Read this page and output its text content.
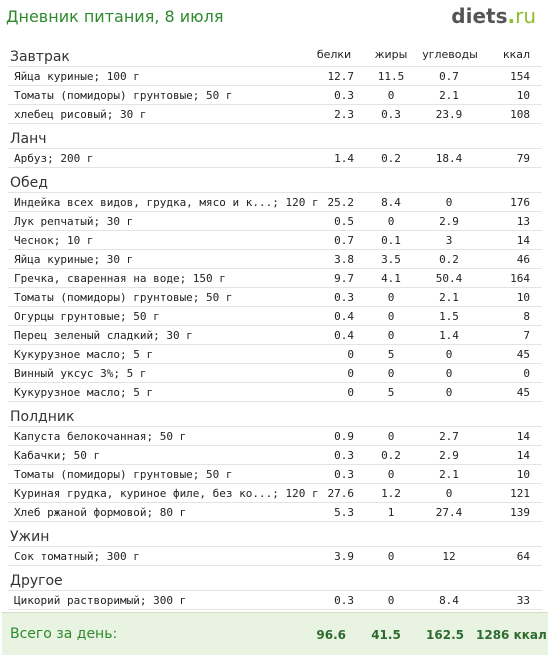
Дневник питания, 8 июля	diets.ru
белки	жиры	углеводы	ккал
Завтрак
Яйца куриные; 100 г	12.7	11.5	0.7	154
Томаты (помидоры) грунтовые; 50 г	0.3	0	2.1	10
хлебец рисовый; 30 г	2.3	0.3	23.9	108
Ланч
Арбуз; 200 г	1.4	0.2	18.4	79
Обед
Индейка всех видов, грудка, мясо и к...; 120 г 25.2	8.4	0	176
Лук репчатый; 30 г	0.5	0	2.9	13
Чеснок; 10 г	0.7	0.1	3	14
Яйца куриные; 30 г	3.8	3.5	0.2	46
Гречка, сваренная на воде; 150 г	9.7	4.1	50.4	164
Томаты (помидоры) грунтовые; 50 г	0.3	0	2.1	10
Огурцы грунтовые; 50 г	0.4	0	1.5	8
Перец зеленый сладкий; 30 г	0.4	0	1.4	7
Кукурузное масло; 5 г	0	5	0	45
Винный уксус 3%; 5 г	0	0	0	0
Кукурузное масло; 5 г	0	5	0	45
Полдник
Капуста белокочанная; 50 г	0.9	0	2.7	14
Кабачки; 50 г	0.3	0.2	2.9	14
Томаты (помидоры) грунтовые; 50 г	0.3	0	2.1	10
Куриная грудка, куриное филе, без ко...; 120 г 27.6	1.2	0	121
Хлеб ржаной формовой; 80 г	5.3	1	27.4	139
Ужин
Сок томатный; 300 г	3.9	0	12	64
Другое
Цикорий растворимый; 300 г	0.3	0	8.4	33
Всего за день:	96.6	41.5	162.5	1286 ккал
